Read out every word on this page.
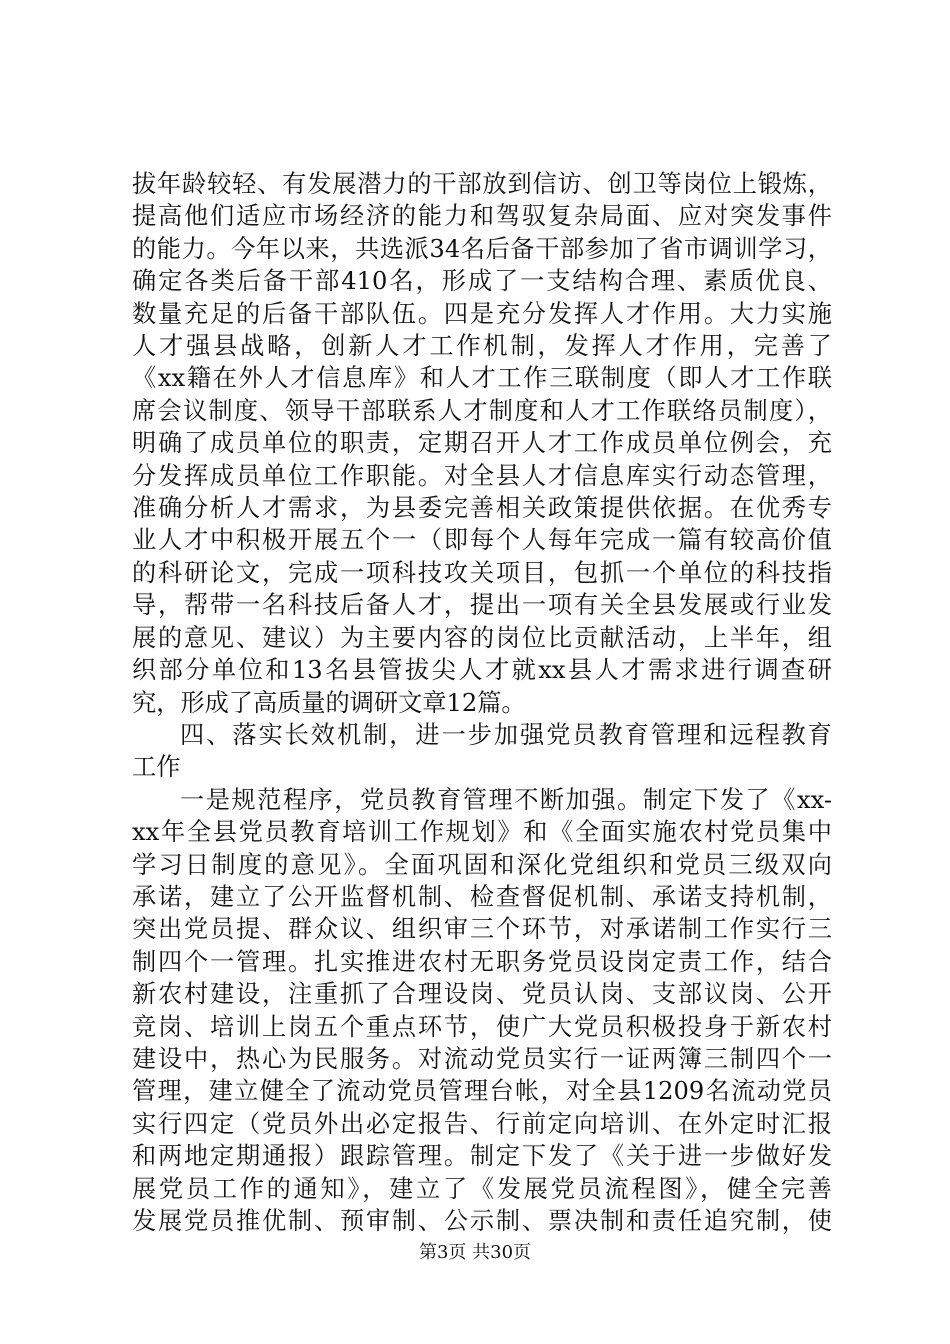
拔年龄较轻、有发展潜力的干部放到信访、创卫等岗位上锻炼，

提高他们适应市场经济的能力和驾驭复杂局面、应对突发事件

的能力。今年以来，共选派34名后备干部参加了省市调训学习，

确定各类后备干部410名，形成了一支结构合理、素质优良、

数量充足的后备干部队伍。四是充分发挥人才作用。大力实施

人才强县战略，创新人才工作机制，发挥人才作用，完善了

《xx籍在外人才信息库》和人才工作三联制度（即人才工作联

席会议制度、领导干部联系人才制度和人才工作联络员制度），

明确了成员单位的职责，定期召开人才工作成员单位例会，充

分发挥成员单位工作职能。对全县人才信息库实行动态管理，

准确分析人才需求，为县委完善相关政策提供依据。在优秀专

业人才中积极开展五个一（即每个人每年完成一篇有较高价值

的科研论文，完成一项科技攻关项目，包抓一个单位的科技指

导，帮带一名科技后备人才，提出一项有关全县发展或行业发

展的意见、建议）为主要内容的岗位比贡献活动，上半年，组

织部分单位和13名县管拔尖人才就xx县人才需求进行调查研

究，形成了高质量的调研文章12篇。

四、落实长效机制，进一步加强党员教育管理和远程教育

工作

一是规范程序，党员教育管理不断加强。制定下发了《xx-

xx年全县党员教育培训工作规划》和《全面实施农村党员集中

学习日制度的意见》。全面巩固和深化党组织和党员三级双向

承诺，建立了公开监督机制、检查督促机制、承诺支持机制，

突出党员提、群众议、组织审三个环节，对承诺制工作实行三

制四个一管理。扎实推进农村无职务党员设岗定责工作，结合

新农村建设，注重抓了合理设岗、党员认岗、支部议岗、公开

竞岗、培训上岗五个重点环节，使广大党员积极投身于新农村

建设中，热心为民服务。对流动党员实行一证两簿三制四个一

管理，建立健全了流动党员管理台帐，对全县1209名流动党员

实行四定（党员外出必定报告、行前定向培训、在外定时汇报

和两地定期通报）跟踪管理。制定下发了《关于进一步做好发

展党员工作的通知》，建立了《发展党员流程图》，健全完善

发展党员推优制、预审制、公示制、票决制和责任追究制，使

第3页 共30页
